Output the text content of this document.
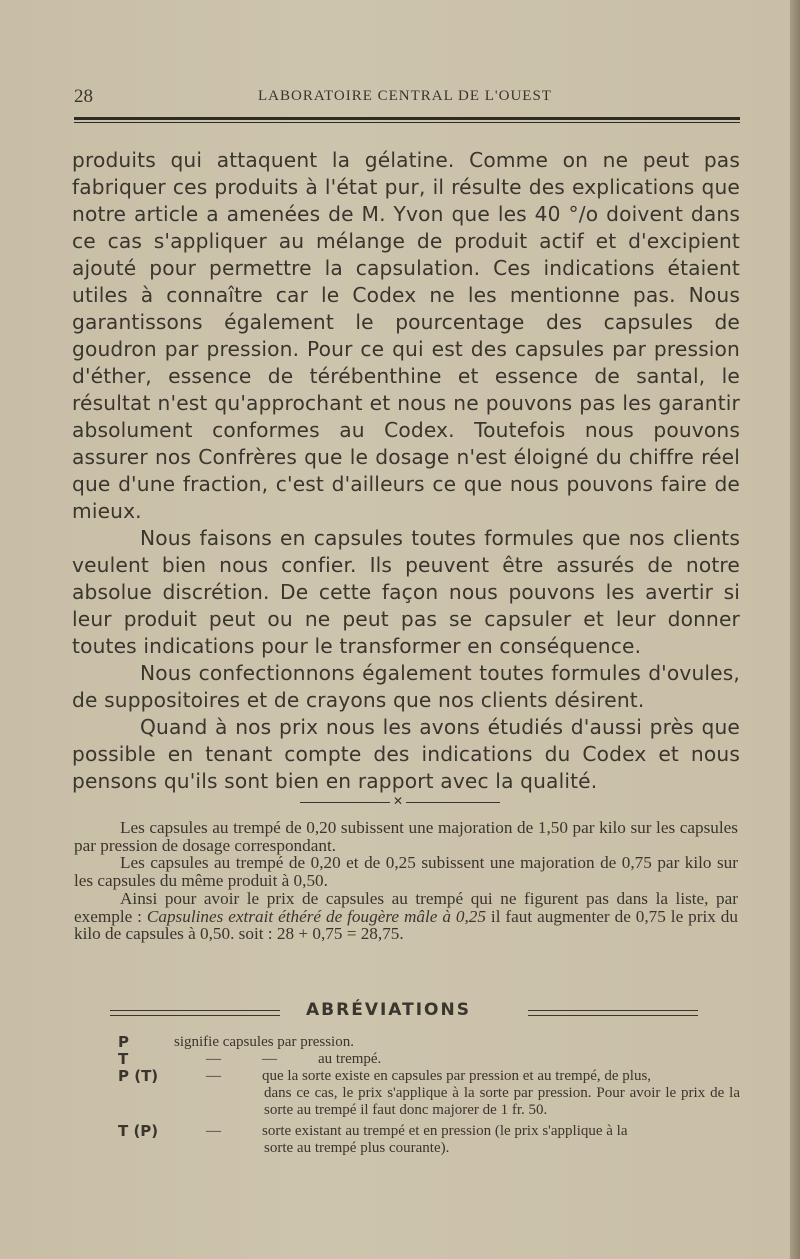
28	LABORATOIRE CENTRAL DE L'OUEST

produits qui attaquent la gélatine. Comme on ne peut pas fabriquer ces produits à l'état pur, il résulte des explications que notre article a amenées de M. Yvon que les 40 °/o doivent dans ce cas s'appliquer au mélange de produit actif et d'excipient ajouté pour permettre la capsulation. Ces indications étaient utiles à connaître car le Codex ne les mentionne pas. Nous garantissons également le pourcentage des capsules de goudron par pression. Pour ce qui est des capsules par pression d'éther, essence de térébenthine et essence de santal, le résultat n'est qu'approchant et nous ne pouvons pas les garantir absolument conformes au Codex. Toutefois nous pouvons assurer nos Confrères que le dosage n'est éloigné du chiffre réel que d'une fraction, c'est d'ailleurs ce que nous pouvons faire de mieux.

Nous faisons en capsules toutes formules que nos clients veulent bien nous confier. Ils peuvent être assurés de notre absolue discrétion. De cette façon nous pouvons les avertir si leur produit peut ou ne peut pas se capsuler et leur donner toutes indications pour le transformer en conséquence.

Nous confectionnons également toutes formules d'ovules, de suppositoires et de crayons que nos clients désirent.

Quand à nos prix nous les avons étudiés d'aussi près que possible en tenant compte des indications du Codex et nous pensons qu'ils sont bien en rapport avec la qualité.

✕

Les capsules au trempé de 0,20 subissent une majoration de 1,50 par kilo sur les capsules par pression de dosage correspondant.

Les capsules au trempé de 0,20 et de 0,25 subissent une majoration de 0,75 par kilo sur les capsules du même produit à 0,50.

Ainsi pour avoir le prix de capsules au trempé qui ne figurent pas dans la liste, par exemple : Capsulines extrait éthéré de fougère mâle à 0,25 il faut augmenter de 0,75 le prix du kilo de capsules à 0,50. soit : 28 + 0,75 = 28,75.

ABRÉVIATIONS
P	signifie capsules par pression.
T	—	—	au trempé.
P (T)	—	que la sorte existe en capsules par pression et au trempé, de plus,
dans ce cas, le prix s'applique à la sorte par pression. Pour avoir le prix de la sorte au trempé il faut donc majorer de 1 fr. 50.
T (P)	—	sorte existant au trempé et en pression (le prix s'applique à la
sorte au trempé plus courante).
